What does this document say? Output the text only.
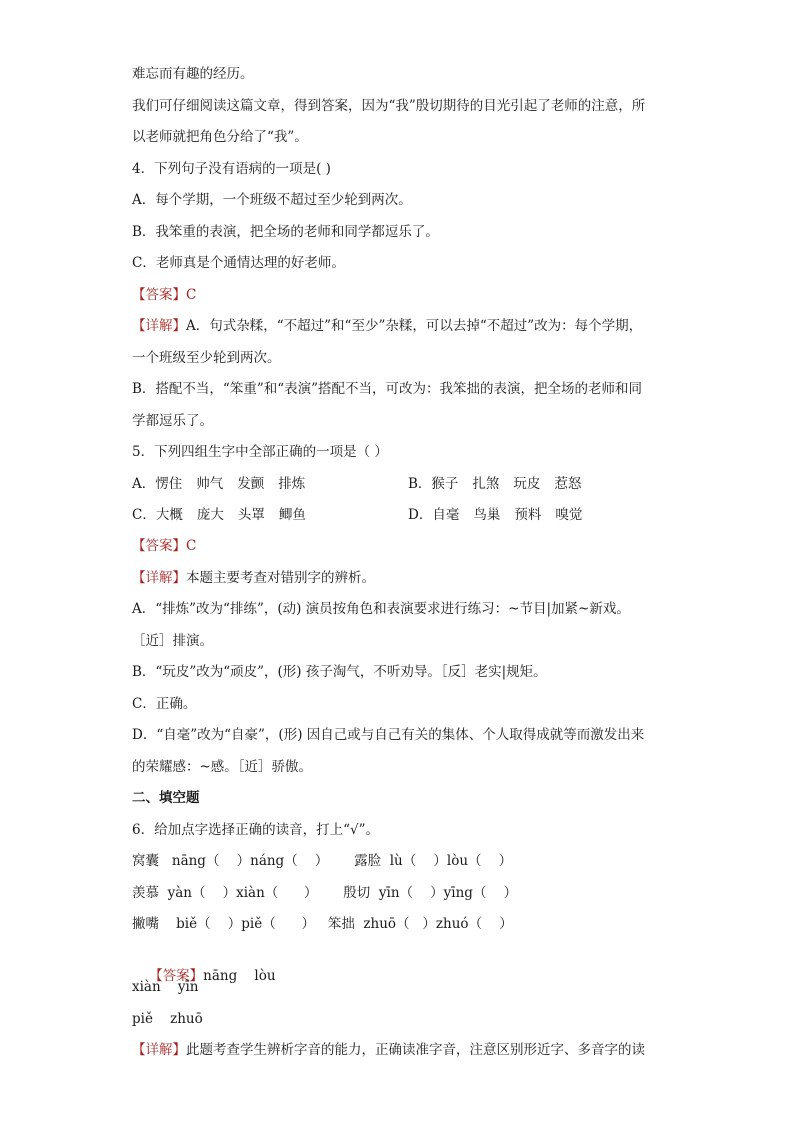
难忘而有趣的经历。
我们可仔细阅读这篇文章，得到答案，因为“我”殷切期待的目光引起了老师的注意，所
以老师就把角色分给了“我”。
4．下列句子没有语病的一项是( )
A．每个学期，一个班级不超过至少轮到两次。
B．我笨重的表演，把全场的老师和同学都逗乐了。
C．老师真是个通情达理的好老师。
【答案】C
【详解】A．句式杂糅，“不超过”和“至少”杂糅，可以去掉“不超过”改为：每个学期，
一个班级至少轮到两次。
B．搭配不当，“笨重”和“表演”搭配不当，可改为：我笨拙的表演，把全场的老师和同
学都逗乐了。
5．下列四组生字中全部正确的一项是（ ）
A．愣住 帅气 发颤 排炼	B．猴子 扎煞 玩皮 惹怒
C．大概 庞大 头罩 鲫鱼	D．自毫 鸟巢 预料 嗅觉
【答案】C
【详解】本题主要考查对错别字的辨析。
A．“排炼”改为“排练”，(动) 演员按角色和表演要求进行练习：~节目|加紧~新戏。
［近］排演。
B．“玩皮”改为“顽皮”，(形) 孩子淘气，不听劝导。［反］老实|规矩。
C．正确。
D．“自毫”改为“自豪”，(形) 因自己或与自己有关的集体、个人取得成就等而激发出来
的荣耀感：~感。［近］骄傲。
二、填空题
6．给加点字选择正确的读音，打上“√”。
窝囊   nāng（    ）náng（    ）      露脸  lù（    ）lòu（    ）
羡慕  yàn（    ）xiàn（      ）      殷切  yīn（    ）yīng（    ）
撇嘴    biě（    ）piě（      ）   笨拙  zhuō（   ）zhuó（    ）

【答案】nāng    lòu

xiàn    yīn
piě    zhuō
【详解】此题考查学生辨析字音的能力，正确读准字音，注意区别形近字、多音字的读
